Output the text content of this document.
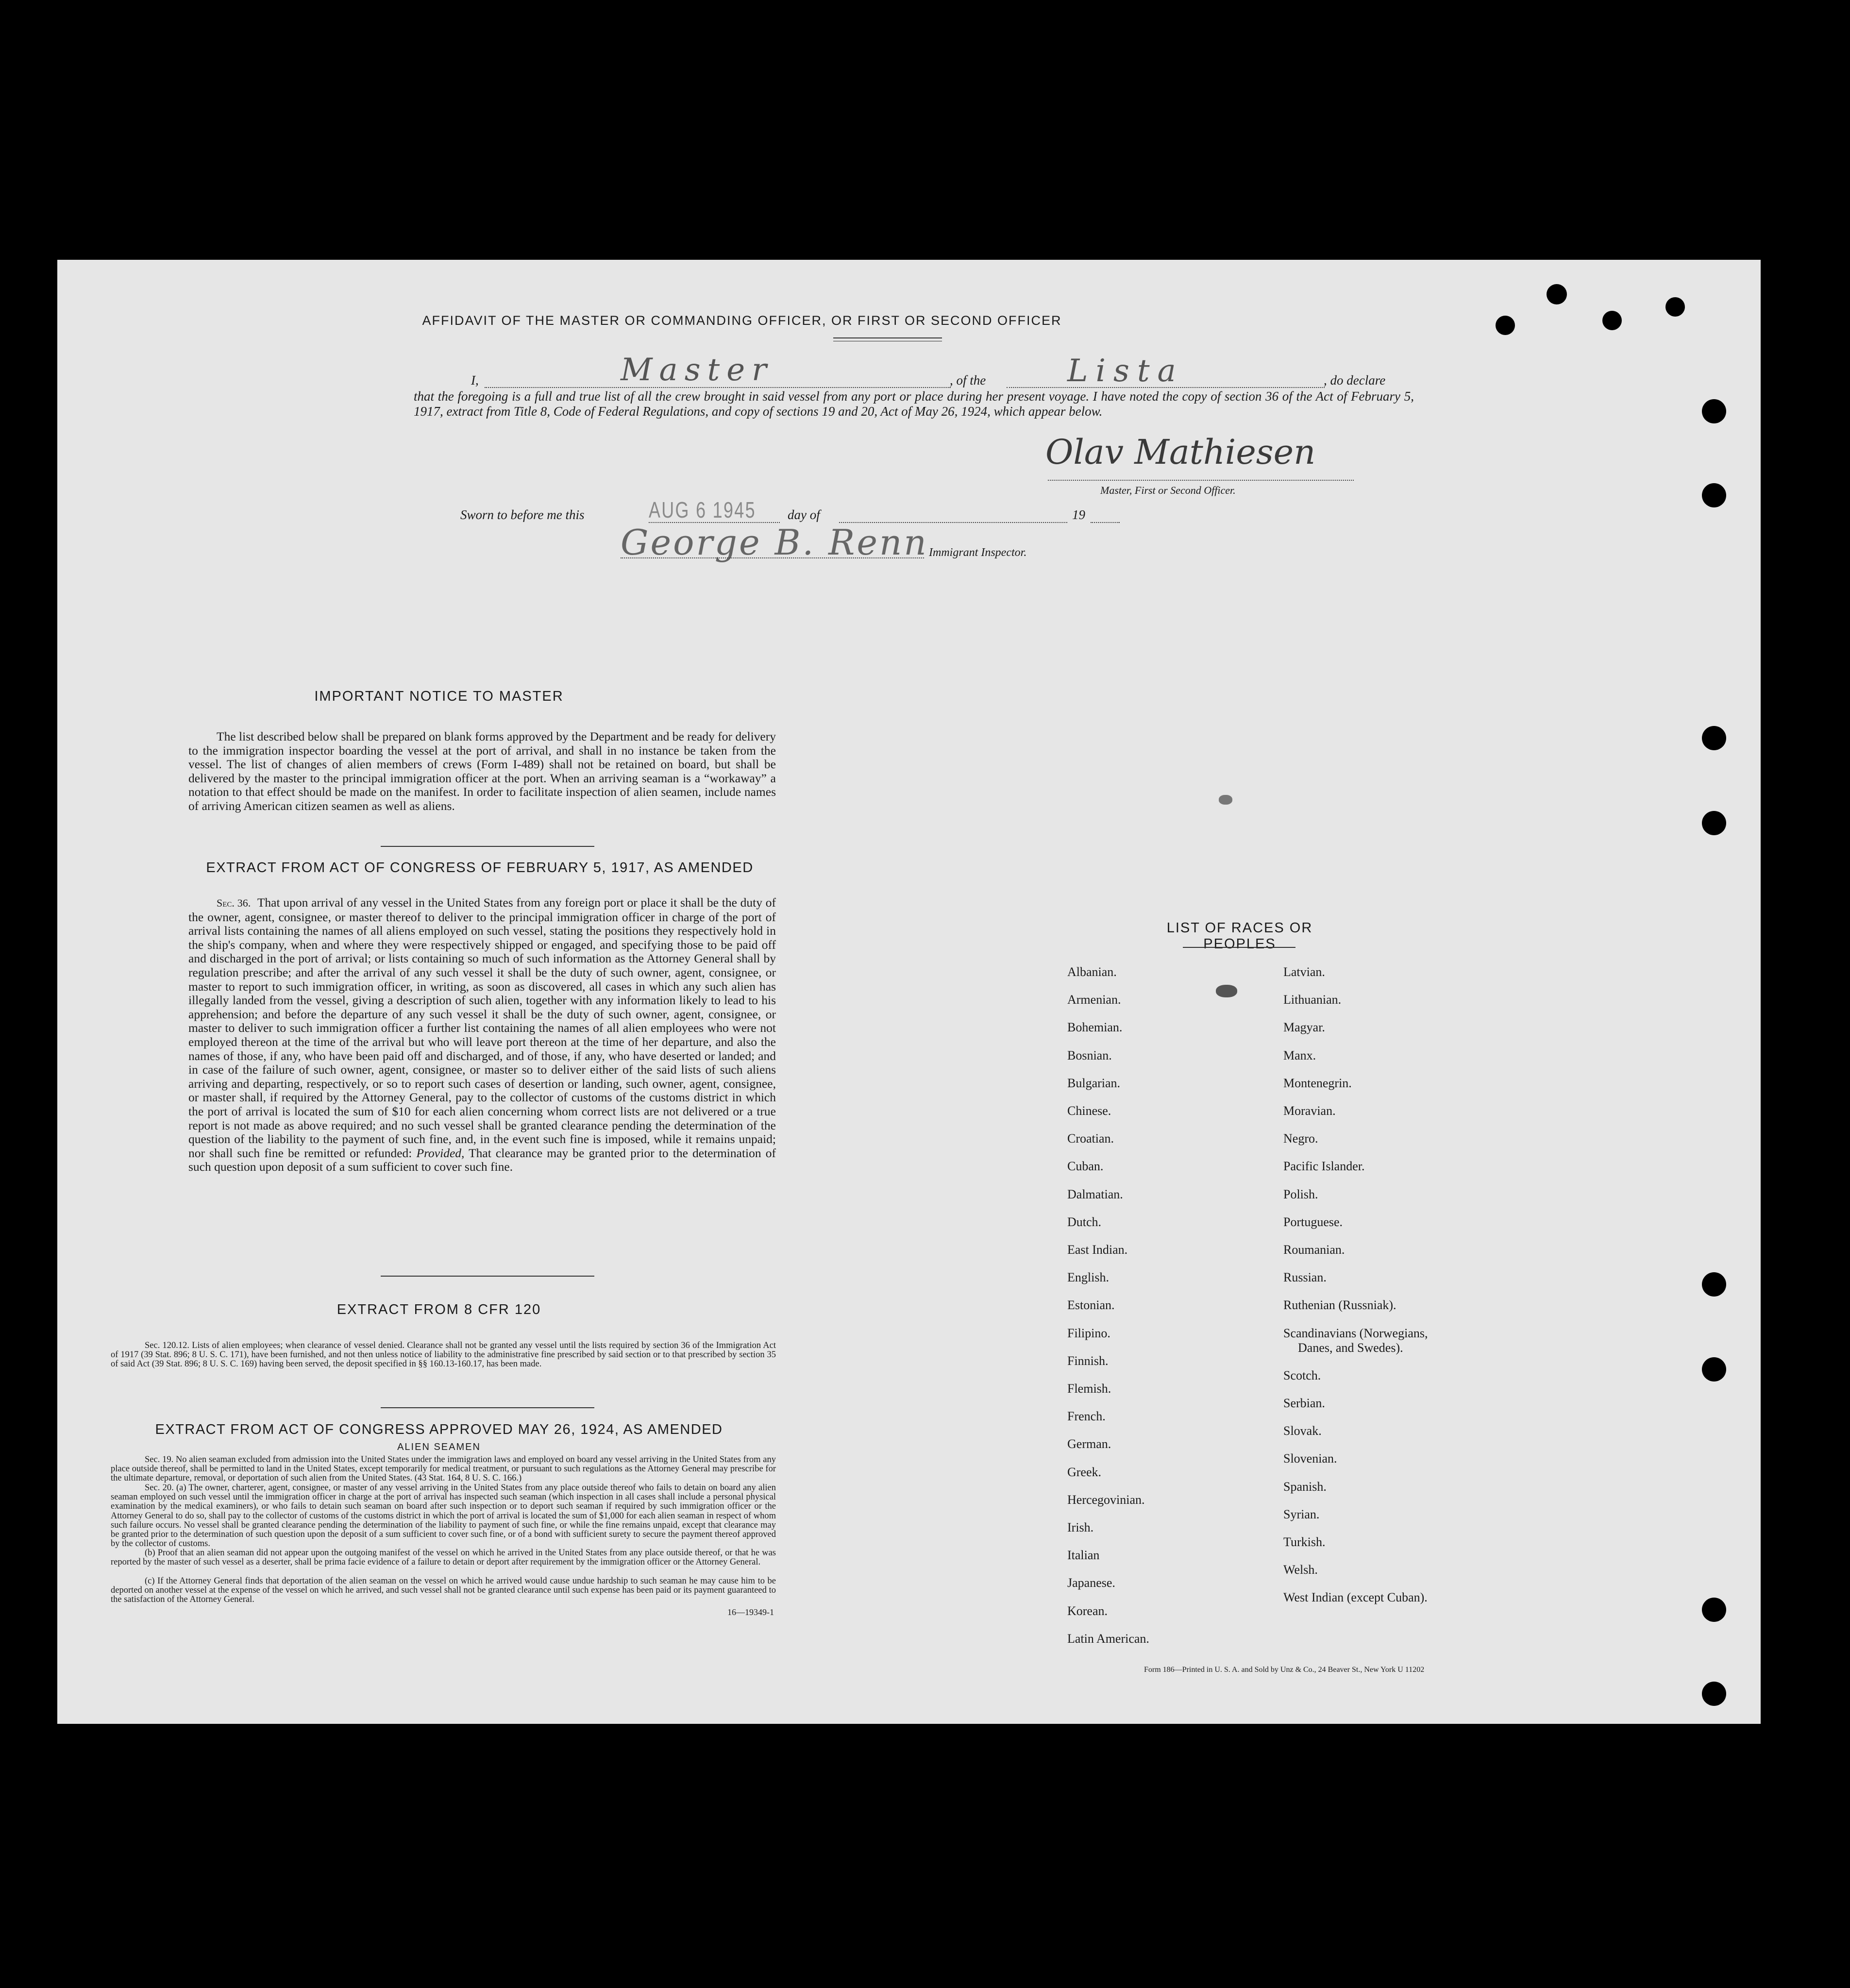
AFFIDAVIT OF THE MASTER OR COMMANDING OFFICER, OR FIRST OR SECOND OFFICER
I,	Master	, of the	Lista	, do declare
that the foregoing is a full and true list of all the crew brought in said vessel from any port or place during her present voyage. I have noted the copy of section 36 of the Act of February 5, 1917, extract from Title 8, Code of Federal Regulations, and copy of sections 19 and 20, Act of May 26, 1924, which appear below.
Olav Mathiesen
Master, First or Second Officer.
Sworn to before me this	AUG 6 1945 day of	19
George B. Renn Immigrant Inspector.
IMPORTANT NOTICE TO MASTER
The list described below shall be prepared on blank forms approved by the Department and be ready for delivery to the immigration inspector boarding the vessel at the port of arrival, and shall in no instance be taken from the vessel. The list of changes of alien members of crews (Form I-489) shall not be retained on board, but shall be delivered by the master to the principal immigration officer at the port. When an arriving seaman is a “workaway” a notation to that effect should be made on the manifest. In order to facilitate inspection of alien seamen, include names of arriving American citizen seamen as well as aliens.
EXTRACT FROM ACT OF CONGRESS OF FEBRUARY 5, 1917, AS AMENDED
Sec. 36. That upon arrival of any vessel in the United States from any foreign port or place it shall be the duty of the owner, agent, consignee, or master thereof to deliver to the principal immigration officer in charge of the port of arrival lists containing the names of all aliens employed on such vessel, stating the positions they respectively hold in the ship's company, when and where they were respectively shipped or engaged, and specifying those to be paid off and discharged in the port of arrival; or lists containing so much of such information as the Attorney General shall by regulation prescribe; and after the arrival of any such vessel it shall be the duty of such owner, agent, consignee, or master to report to such immigration officer, in writing, as soon as discovered, all cases in which any such alien has illegally landed from the vessel, giving a description of such alien, together with any information likely to lead to his apprehension; and before the departure of any such vessel it shall be the duty of such owner, agent, consignee, or master to deliver to such immigration officer a further list containing the names of all alien employees who were not employed thereon at the time of the arrival but who will leave port thereon at the time of her departure, and also the names of those, if any, who have been paid off and discharged, and of those, if any, who have deserted or landed; and in case of the failure of such owner, agent, consignee, or master so to deliver either of the said lists of such aliens arriving and departing, respectively, or so to report such cases of desertion or landing, such owner, agent, consignee, or master shall, if required by the Attorney General, pay to the collector of customs of the customs district in which the port of arrival is located the sum of $10 for each alien concerning whom correct lists are not delivered or a true report is not made as above required; and no such vessel shall be granted clearance pending the determination of the question of the liability to the payment of such fine, and, in the event such fine is imposed, while it remains unpaid; nor shall such fine be remitted or refunded: Provided, That clearance may be granted prior to the determination of such question upon deposit of a sum sufficient to cover such fine.
EXTRACT FROM 8 CFR 120
Sec. 120.12. Lists of alien employees; when clearance of vessel denied. Clearance shall not be granted any vessel until the lists required by section 36 of the Immigration Act of 1917 (39 Stat. 896; 8 U. S. C. 171), have been furnished, and not then unless notice of liability to the administrative fine prescribed by said section or to that prescribed by section 35 of said Act (39 Stat. 896; 8 U. S. C. 169) having been served, the deposit specified in §§ 160.13-160.17, has been made.
EXTRACT FROM ACT OF CONGRESS APPROVED MAY 26, 1924, AS AMENDED
ALIEN SEAMEN
Sec. 19. No alien seaman excluded from admission into the United States under the immigration laws and employed on board any vessel arriving in the United States from any place outside thereof, shall be permitted to land in the United States, except temporarily for medical treatment, or pursuant to such regulations as the Attorney General may prescribe for the ultimate departure, removal, or deportation of such alien from the United States. (43 Stat. 164, 8 U. S. C. 166.)
Sec. 20. (a) The owner, charterer, agent, consignee, or master of any vessel arriving in the United States from any place outside thereof who fails to detain on board any alien seaman employed on such vessel until the immigration officer in charge at the port of arrival has inspected such seaman (which inspection in all cases shall include a personal physical examination by the medical examiners), or who fails to detain such seaman on board after such inspection or to deport such seaman if required by such immigration officer or the Attorney General to do so, shall pay to the collector of customs of the customs district in which the port of arrival is located the sum of $1,000 for each alien seaman in respect of whom such failure occurs. No vessel shall be granted clearance pending the determination of the liability to payment of such fine, or while the fine remains unpaid, except that clearance may be granted prior to the determination of such question upon the deposit of a sum sufficient to cover such fine, or of a bond with sufficient surety to secure the payment thereof approved by the collector of customs.
(b) Proof that an alien seaman did not appear upon the outgoing manifest of the vessel on which he arrived in the United States from any place outside thereof, or that he was reported by the master of such vessel as a deserter, shall be prima facie evidence of a failure to detain or deport after requirement by the immigration officer or the Attorney General.
(c) If the Attorney General finds that deportation of the alien seaman on the vessel on which he arrived would cause undue hardship to such seaman he may cause him to be deported on another vessel at the expense of the vessel on which he arrived, and such vessel shall not be granted clearance until such expense has been paid or its payment guaranteed to the satisfaction of the Attorney General.
16—19349-1
LIST OF RACES OR PEOPLES
Form 186—Printed in U. S. A. and Sold by Unz & Co., 24 Beaver St., New York U 11202
Albanian.
Armenian.
Bohemian.
Bosnian.
Bulgarian.
Chinese.
Croatian.
Cuban.
Dalmatian.
Dutch.
East Indian.
English.
Estonian.
Filipino.
Finnish.
Flemish.
French.
German.
Greek.
Hercegovinian.
Irish.
Italian
Japanese.
Korean.
Latin American.
Latvian.
Lithuanian.
Magyar.
Manx.
Montenegrin.
Moravian.
Negro.
Pacific Islander.
Polish.
Portuguese.
Roumanian.
Russian.
Ruthenian (Russniak).
Scandinavians (Norwegians,
Danes, and Swedes).
Scotch.
Serbian.
Slovak.
Slovenian.
Spanish.
Syrian.
Turkish.
Welsh.
West Indian (except Cuban).
